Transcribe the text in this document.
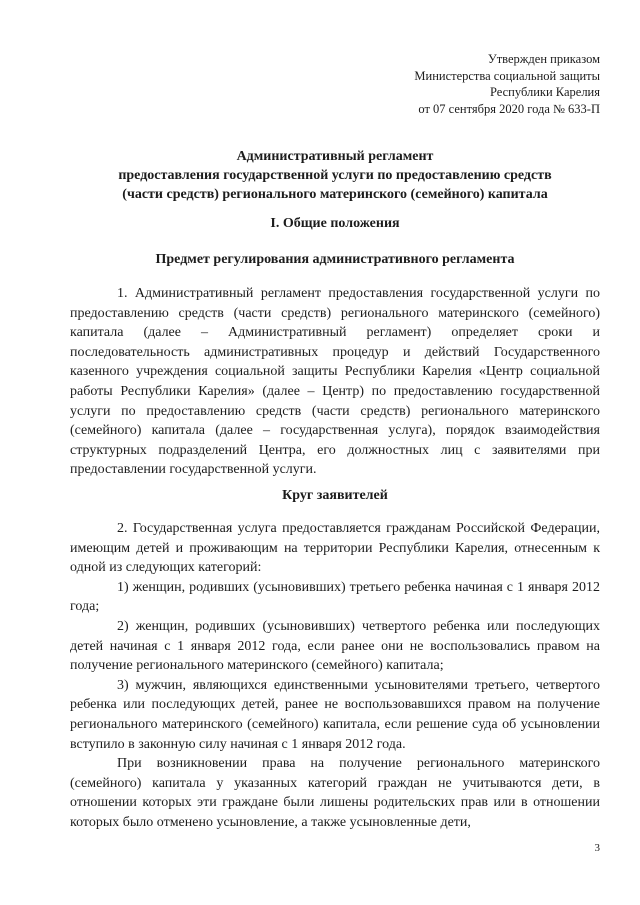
Утвержден приказом
Министерства социальной защиты
Республики Карелия
от 07 сентября 2020 года № 633-П
Административный регламент
предоставления государственной услуги по предоставлению средств
(части средств) регионального материнского (семейного) капитала
I. Общие положения
Предмет регулирования административного регламента

1. Административный регламент предоставления государственной услуги по предоставлению средств (части средств) регионального материнского (семейного) капитала (далее – Административный регламент) определяет сроки и последовательность административных процедур и действий Государственного казенного учреждения социальной защиты Республики Карелия «Центр социальной работы Республики Карелия» (далее – Центр) по предоставлению государственной услуги по предоставлению средств (части средств) регионального материнского (семейного) капитала (далее – государственная услуга), порядок взаимодействия структурных подразделений Центра, его должностных лиц с заявителями при предоставлении государственной услуги.

Круг заявителей

2. Государственная услуга предоставляется гражданам Российской Федерации, имеющим детей и проживающим на территории Республики Карелия, отнесенным к одной из следующих категорий:

1) женщин, родивших (усыновивших) третьего ребенка начиная с 1 января 2012 года;

2) женщин, родивших (усыновивших) четвертого ребенка или последующих детей начиная с 1 января 2012 года, если ранее они не воспользовались правом на получение регионального материнского (семейного) капитала;

3) мужчин, являющихся единственными усыновителями третьего, четвертого ребенка или последующих детей, ранее не воспользовавшихся правом на получение регионального материнского (семейного) капитала, если решение суда об усыновлении вступило в законную силу начиная с 1 января 2012 года.

При возникновении права на получение регионального материнского (семейного) капитала у указанных категорий граждан не учитываются дети, в отношении которых эти граждане были лишены родительских прав или в отношении которых было отменено усыновление, а также усыновленные дети,

3
